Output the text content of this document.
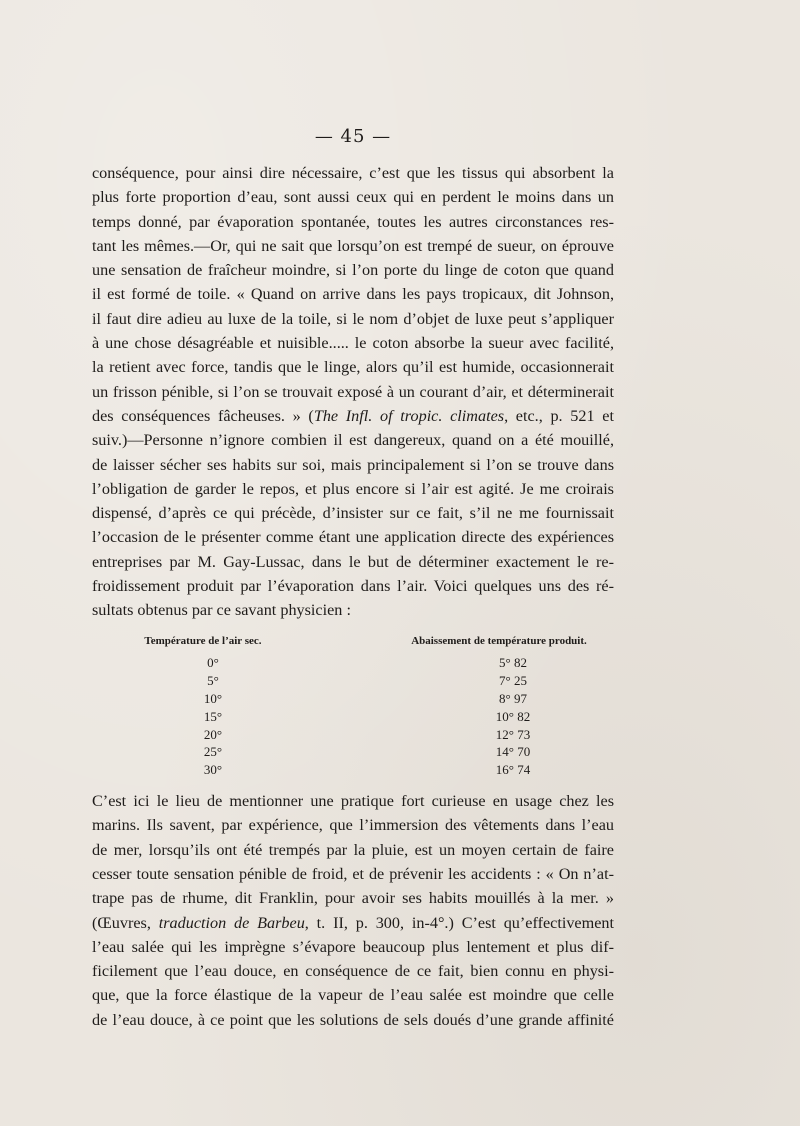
— 45 —
conséquence, pour ainsi dire nécessaire, c’est que les tissus qui absorbent la
plus forte proportion d’eau, sont aussi ceux qui en perdent le moins dans un
temps donné, par évaporation spontanée, toutes les autres circonstances res-
tant les mêmes.—Or, qui ne sait que lorsqu’on est trempé de sueur, on éprouve
une sensation de fraîcheur moindre, si l’on porte du linge de coton que quand
il est formé de toile. « Quand on arrive dans les pays tropicaux, dit Johnson,
il faut dire adieu au luxe de la toile, si le nom d’objet de luxe peut s’appliquer
à une chose désagréable et nuisible..... le coton absorbe la sueur avec facilité,
la retient avec force, tandis que le linge, alors qu’il est humide, occasionnerait
un frisson pénible, si l’on se trouvait exposé à un courant d’air, et déterminerait
des conséquences fâcheuses. » (The Infl. of tropic. climates, etc., p. 521 et
suiv.)—Personne n’ignore combien il est dangereux, quand on a été mouillé,
de laisser sécher ses habits sur soi, mais principalement si l’on se trouve dans
l’obligation de garder le repos, et plus encore si l’air est agité. Je me croirais
dispensé, d’après ce qui précède, d’insister sur ce fait, s’il ne me fournissait
l’occasion de le présenter comme étant une application directe des expériences
entreprises par M. Gay-Lussac, dans le but de déterminer exactement le re-
froidissement produit par l’évaporation dans l’air. Voici quelques uns des ré-
sultats obtenus par ce savant physicien :
Température de l’air sec.	Abaissement de température produit.
0°	5° 82
5°	7° 25
10°	8° 97
15°	10° 82
20°	12° 73
25°	14° 70
30°	16° 74
C’est ici le lieu de mentionner une pratique fort curieuse en usage chez les
marins. Ils savent, par expérience, que l’immersion des vêtements dans l’eau
de mer, lorsqu’ils ont été trempés par la pluie, est un moyen certain de faire
cesser toute sensation pénible de froid, et de prévenir les accidents : « On n’at-
trape pas de rhume, dit Franklin, pour avoir ses habits mouillés à la mer. »
(Œuvres, traduction de Barbeu, t. II, p. 300, in-4°.) C’est qu’effectivement
l’eau salée qui les imprègne s’évapore beaucoup plus lentement et plus dif-
ficilement que l’eau douce, en conséquence de ce fait, bien connu en physi-
que, que la force élastique de la vapeur de l’eau salée est moindre que celle
de l’eau douce, à ce point que les solutions de sels doués d’une grande affinité
